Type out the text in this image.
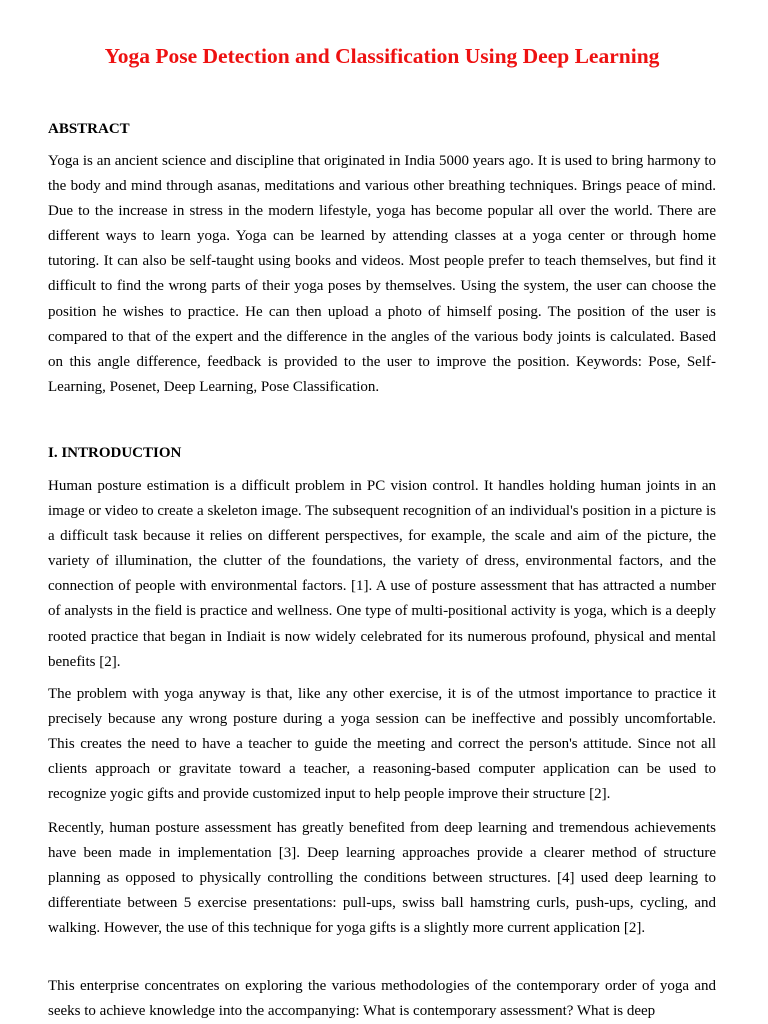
Yoga Pose Detection and Classification Using Deep Learning
ABSTRACT

Yoga is an ancient science and discipline that originated in India 5000 years ago. It is used to bring harmony to the body and mind through asanas, meditations and various other breathing techniques. Brings peace of mind. Due to the increase in stress in the modern lifestyle, yoga has become popular all over the world. There are different ways to learn yoga. Yoga can be learned by attending classes at a yoga center or through home tutoring. It can also be self-taught using books and videos. Most people prefer to teach themselves, but find it difficult to find the wrong parts of their yoga poses by themselves. Using the system, the user can choose the position he wishes to practice. He can then upload a photo of himself posing. The position of the user is compared to that of the expert and the difference in the angles of the various body joints is calculated. Based on this angle difference, feedback is provided to the user to improve the position. Keywords: Pose, Self-Learning, Posenet, Deep Learning, Pose Classification.

I. INTRODUCTION

Human posture estimation is a difficult problem in PC vision control. It handles holding human joints in an image or video to create a skeleton image. The subsequent recognition of an individual's position in a picture is a difficult task because it relies on different perspectives, for example, the scale and aim of the picture, the variety of illumination, the clutter of the foundations, the variety of dress, environmental factors, and the connection of people with environmental factors. [1]. A use of posture assessment that has attracted a number of analysts in the field is practice and wellness. One type of multi-positional activity is yoga, which is a deeply rooted practice that began in Indiait is now widely celebrated for its numerous profound, physical and mental benefits [2].

The problem with yoga anyway is that, like any other exercise, it is of the utmost importance to practice it precisely because any wrong posture during a yoga session can be ineffective and possibly uncomfortable. This creates the need to have a teacher to guide the meeting and correct the person's attitude. Since not all clients approach or gravitate toward a teacher, a reasoning-based computer application can be used to recognize yogic gifts and provide customized input to help people improve their structure [2].

Recently, human posture assessment has greatly benefited from deep learning and tremendous achievements have been made in implementation [3]. Deep learning approaches provide a clearer method of structure planning as opposed to physically controlling the conditions between structures. [4] used deep learning to differentiate between 5 exercise presentations: pull-ups, swiss ball hamstring curls, push-ups, cycling, and walking. However, the use of this technique for yoga gifts is a slightly more current application [2].

This enterprise concentrates on exploring the various methodologies of the contemporary order of yoga and seeks to achieve knowledge into the accompanying: What is contemporary assessment? What is deep
